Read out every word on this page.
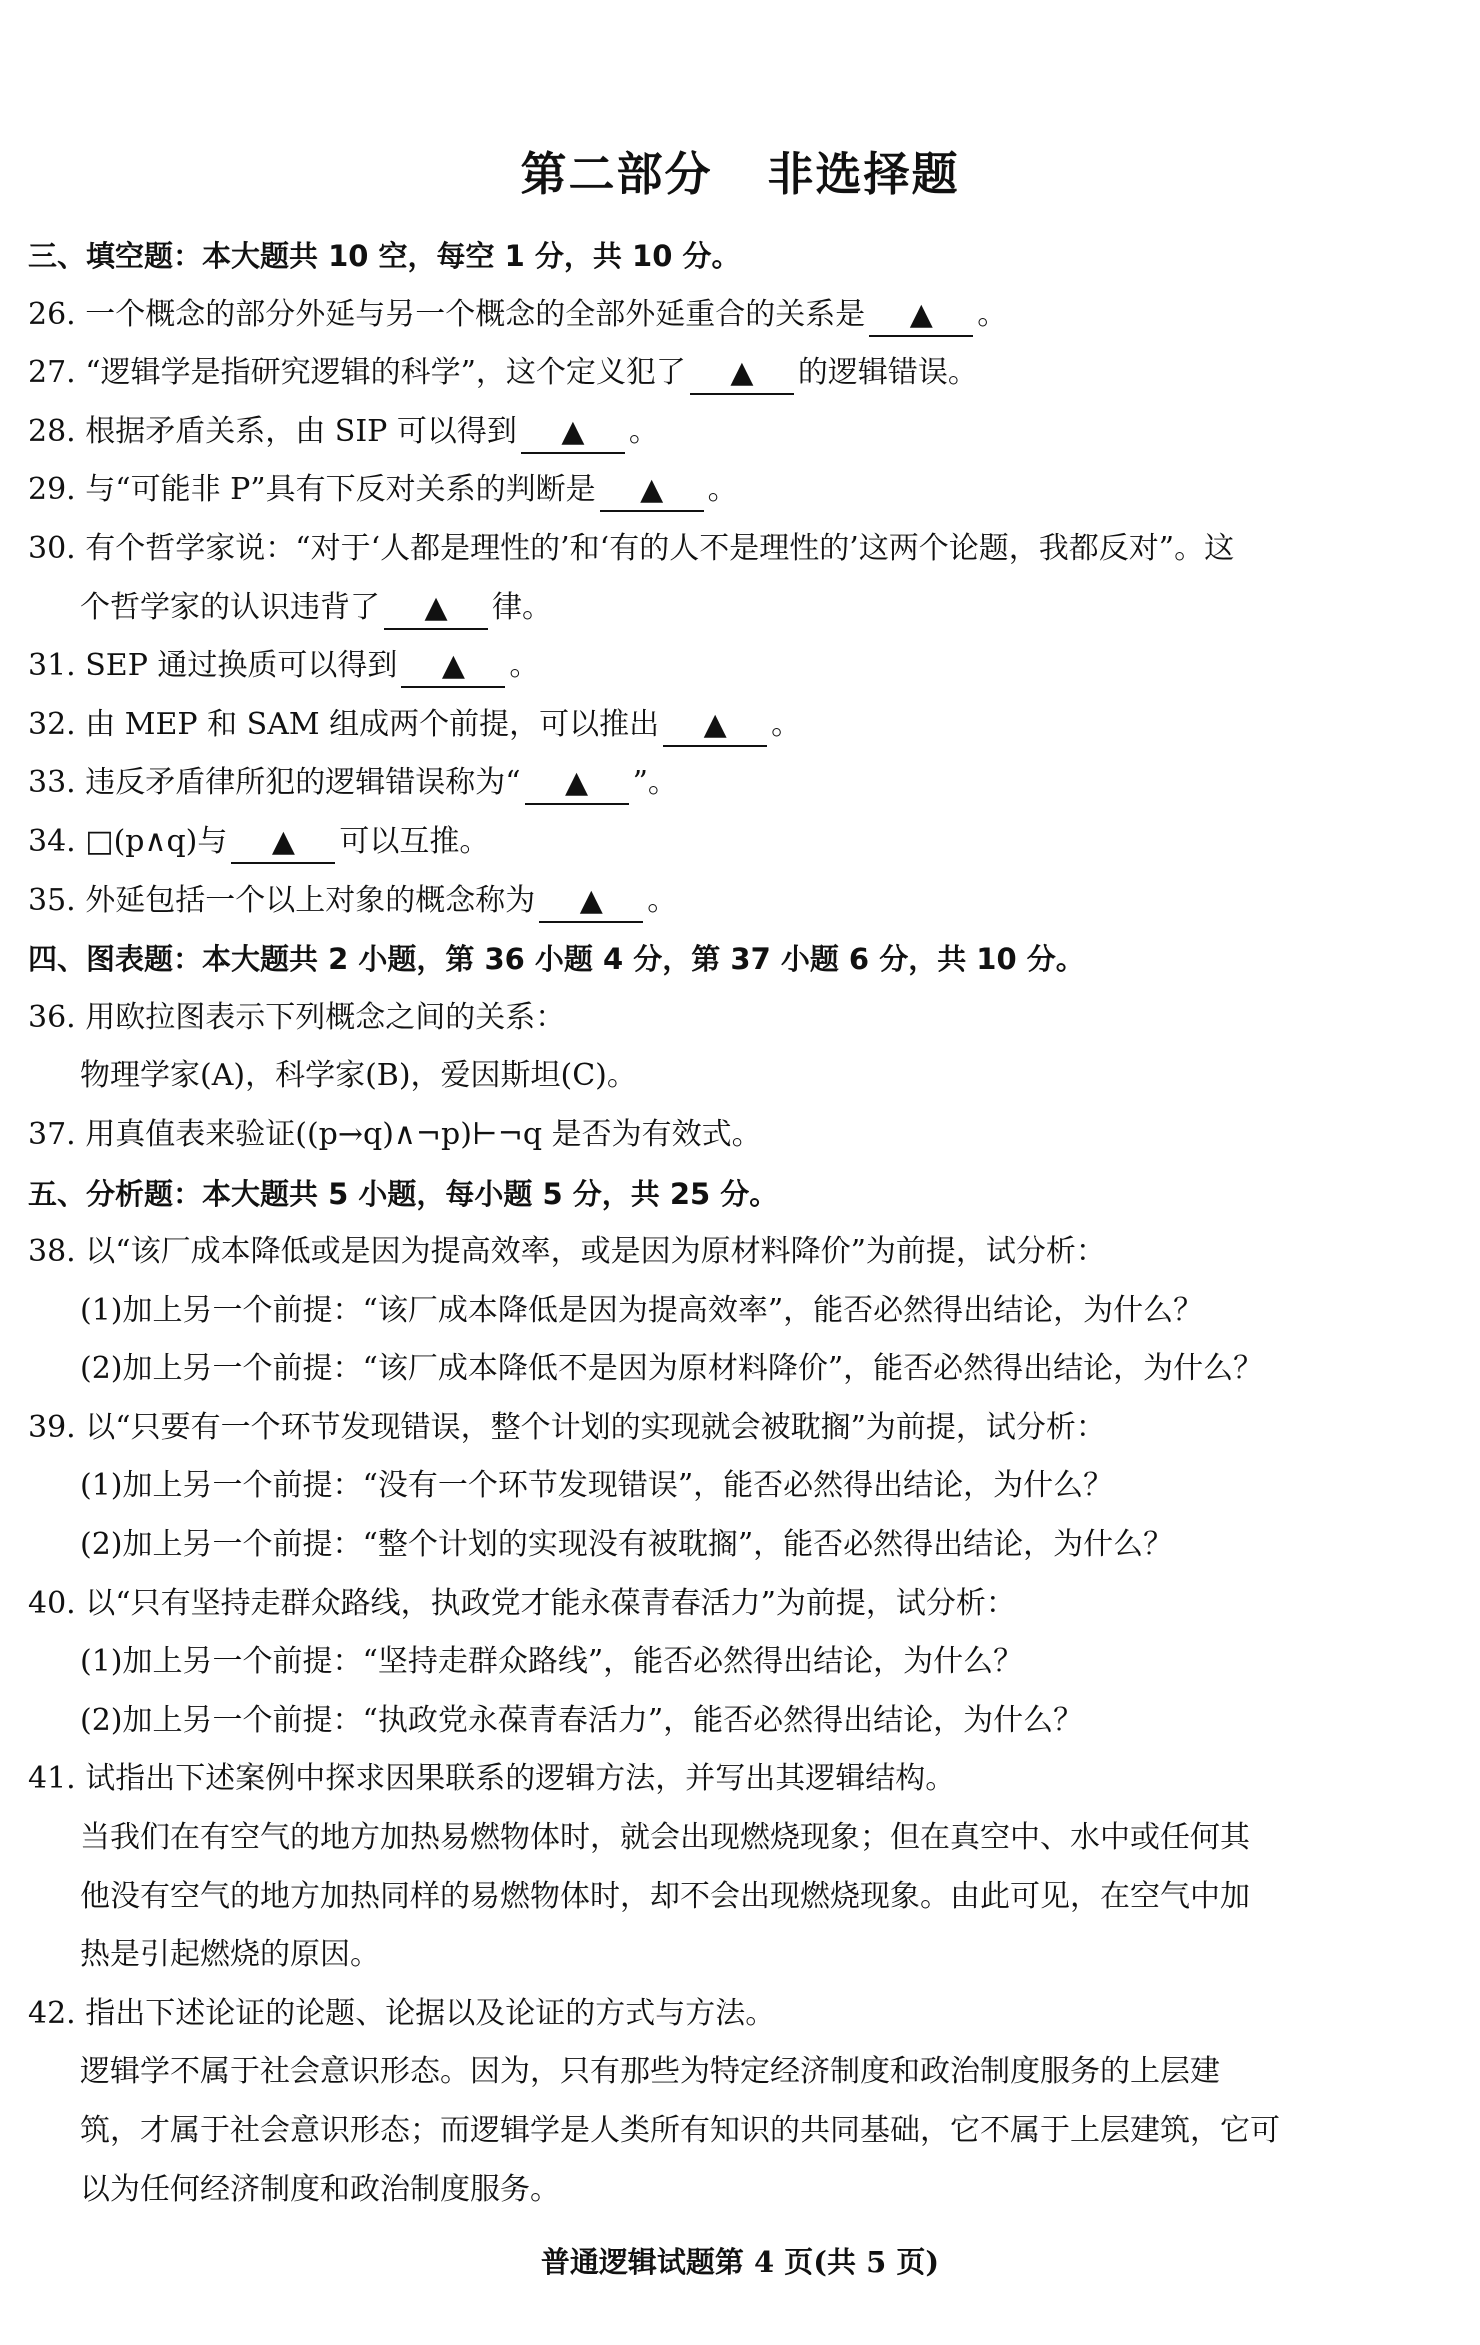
第二部分 非选择题
三、填空题：本大题共 10 空，每空 1 分，共 10 分。
26. 一个概念的部分外延与另一个概念的全部外延重合的关系是 ▲ 。
27. “逻辑学是指研究逻辑的科学”，这个定义犯了 ▲ 的逻辑错误。
28. 根据矛盾关系，由 SIP 可以得到 ▲ 。
29. 与“可能非 P”具有下反对关系的判断是 ▲ 。
30. 有个哲学家说：“对于‘人都是理性的’和‘有的人不是理性的’这两个论题，我都反对”。这
个哲学家的认识违背了 ▲ 律。
31. SEP 通过换质可以得到 ▲ 。
32. 由 MEP 和 SAM 组成两个前提，可以推出 ▲ 。
33. 违反矛盾律所犯的逻辑错误称为“ ▲ ”。
34. □(p∧q)与 ▲ 可以互推。
35. 外延包括一个以上对象的概念称为 ▲ 。
四、图表题：本大题共 2 小题，第 36 小题 4 分，第 37 小题 6 分，共 10 分。
36. 用欧拉图表示下列概念之间的关系：
物理学家(A)，科学家(B)，爱因斯坦(C)。
37. 用真值表来验证((p→q)∧¬p)⊢¬q 是否为有效式。
五、分析题：本大题共 5 小题，每小题 5 分，共 25 分。
38. 以“该厂成本降低或是因为提高效率，或是因为原材料降价”为前提，试分析：
(1)加上另一个前提：“该厂成本降低是因为提高效率”，能否必然得出结论，为什么？
(2)加上另一个前提：“该厂成本降低不是因为原材料降价”，能否必然得出结论，为什么？
39. 以“只要有一个环节发现错误，整个计划的实现就会被耽搁”为前提，试分析：
(1)加上另一个前提：“没有一个环节发现错误”，能否必然得出结论，为什么？
(2)加上另一个前提：“整个计划的实现没有被耽搁”，能否必然得出结论，为什么？
40. 以“只有坚持走群众路线，执政党才能永葆青春活力”为前提，试分析：
(1)加上另一个前提：“坚持走群众路线”，能否必然得出结论，为什么？
(2)加上另一个前提：“执政党永葆青春活力”，能否必然得出结论，为什么？
41. 试指出下述案例中探求因果联系的逻辑方法，并写出其逻辑结构。
当我们在有空气的地方加热易燃物体时，就会出现燃烧现象；但在真空中、水中或任何其
他没有空气的地方加热同样的易燃物体时，却不会出现燃烧现象。由此可见，在空气中加
热是引起燃烧的原因。
42. 指出下述论证的论题、论据以及论证的方式与方法。
逻辑学不属于社会意识形态。因为，只有那些为特定经济制度和政治制度服务的上层建
筑，才属于社会意识形态；而逻辑学是人类所有知识的共同基础，它不属于上层建筑，它可
以为任何经济制度和政治制度服务。
普通逻辑试题第 4 页(共 5 页)
